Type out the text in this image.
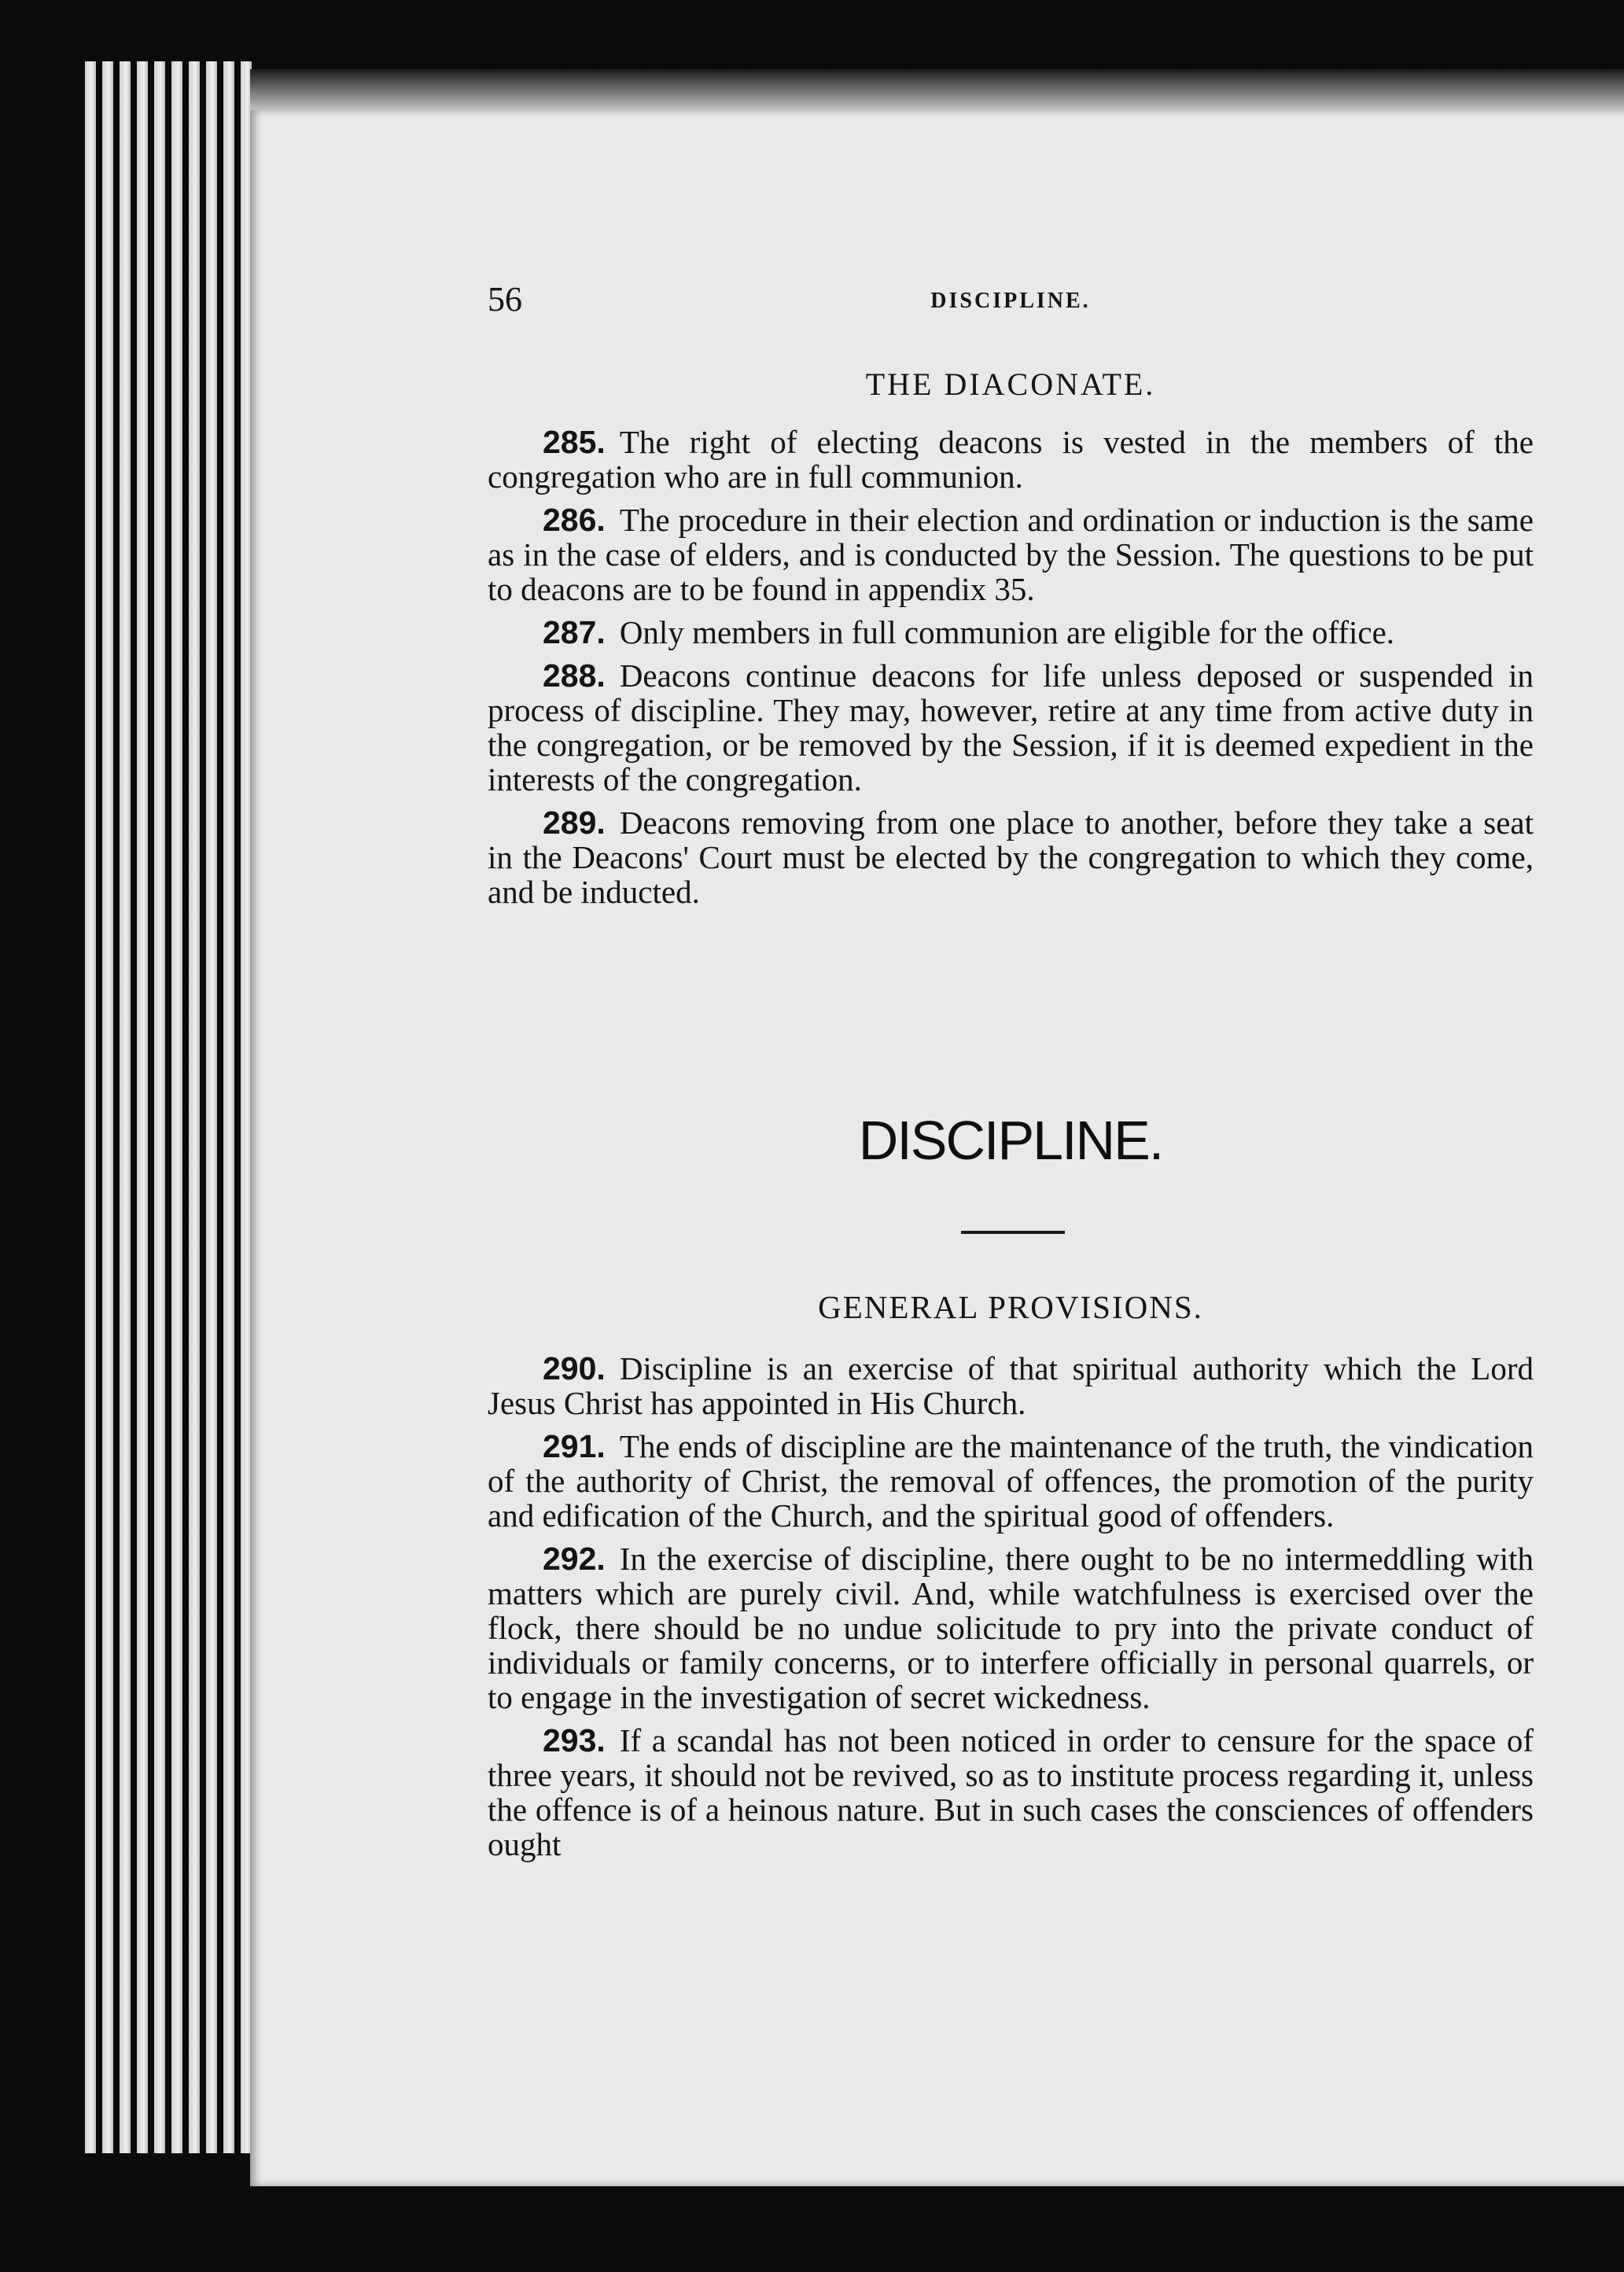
56	DISCIPLINE.
THE DIACONATE.

285. The right of electing deacons is vested in the members of the congregation who are in full communion.

286. The procedure in their election and ordination or induction is the same as in the case of elders, and is conducted by the Session. The questions to be put to deacons are to be found in appendix 35.

287. Only members in full communion are eligible for the office.

288. Deacons continue deacons for life unless deposed or suspended in process of discipline. They may, however, retire at any time from active duty in the congregation, or be removed by the Session, if it is deemed expedient in the interests of the congregation.

289. Deacons removing from one place to another, before they take a seat in the Deacons' Court must be elected by the congregation to which they come, and be inducted.

DISCIPLINE.
GENERAL PROVISIONS.

290. Discipline is an exercise of that spiritual authority which the Lord Jesus Christ has appointed in His Church.

291. The ends of discipline are the maintenance of the truth, the vindication of the authority of Christ, the removal of offences, the promotion of the purity and edification of the Church, and the spiritual good of offenders.

292. In the exercise of discipline, there ought to be no intermeddling with matters which are purely civil. And, while watchfulness is exercised over the flock, there should be no undue solicitude to pry into the private conduct of individuals or family concerns, or to interfere officially in personal quarrels, or to engage in the investigation of secret wickedness.

293. If a scandal has not been noticed in order to censure for the space of three years, it should not be revived, so as to institute process regarding it, unless the offence is of a heinous nature. But in such cases the consciences of offenders ought
